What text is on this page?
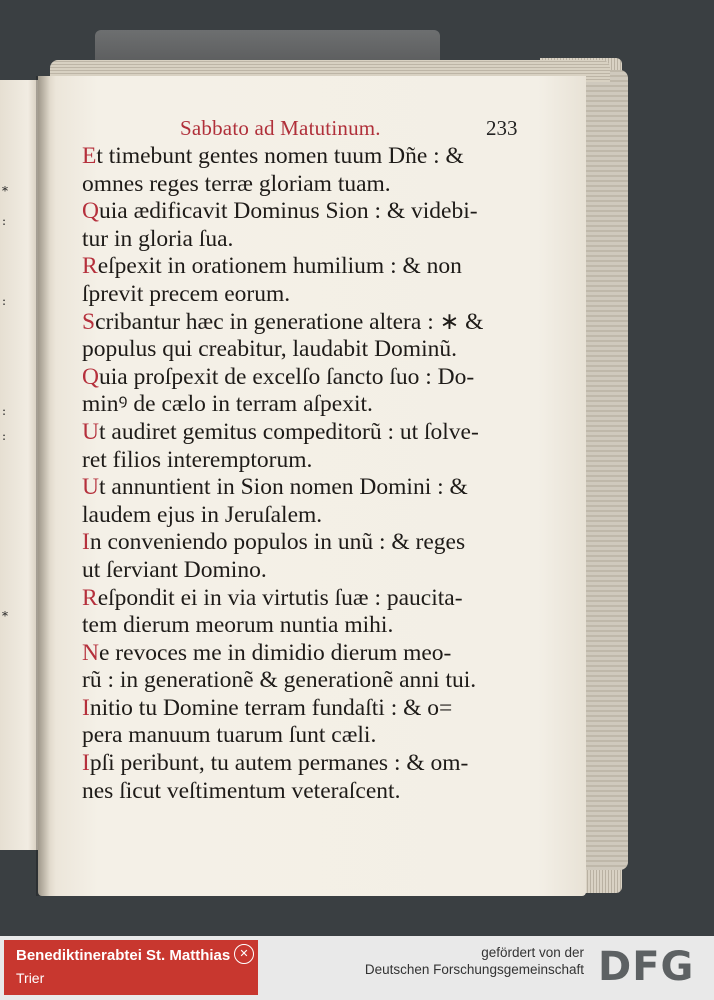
*
:
:
:
:
*
Sabbato ad Matutinum.	233
Et timebunt gentes nomen tuum Dñe : &
omnes reges terræ gloriam tuam.
Quia ædificavit Dominus Sion : & videbi-
tur in gloria ſua.
Reſpexit in orationem humilium : & non
ſprevit precem eorum.
Scribantur hæc in generatione altera : ∗ &
populus qui creabitur, laudabit Dominũ.
Quia proſpexit de excelſo ſancto ſuo : Do-
minꝰ de cælo in terram aſpexit.
Ut audiret gemitus compeditorũ : ut ſolve-
ret filios interemptorum.
Ut annuntient in Sion nomen Domini : &
laudem ejus in Jeruſalem.
In conveniendo populos in unũ : & reges
ut ſerviant Domino.
Reſpondit ei in via virtutis ſuæ : paucita-
tem dierum meorum nuntia mihi.
Ne revoces me in dimidio dierum meo-
rũ : in generationẽ & generationẽ anni tui.
Initio tu Domine terram fundaſti : & o=
pera manuum tuarum ſunt cæli.
Ipſi peribunt, tu autem permanes : & om-
nes ſicut veſtimentum veteraſcent.
Benediktinerabtei St. Matthias
Trier
✕	gefördert von der
Deutschen Forschungsgemeinschaft DFG
